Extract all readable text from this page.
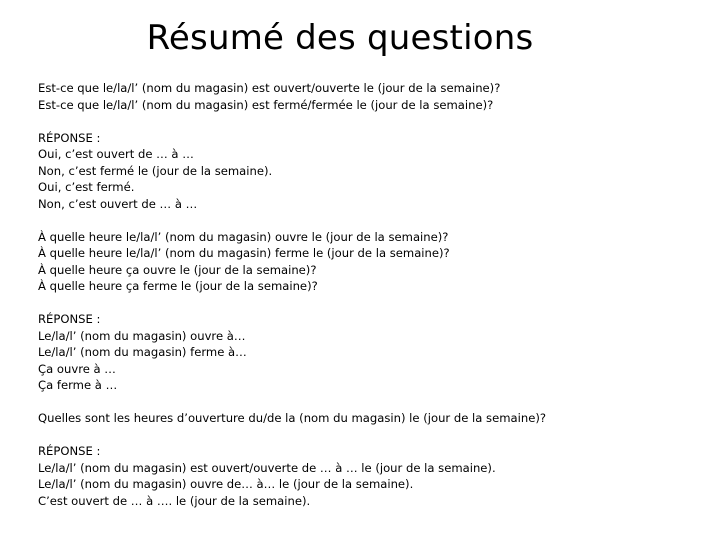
Résumé des questions

Est-ce que le/la/l’ (nom du magasin) est ouvert/ouverte le (jour de la semaine)?
Est-ce que le/la/l’ (nom du magasin) est fermé/fermée le (jour de la semaine)?

RÉPONSE :
Oui, c’est ouvert de … à …
Non, c’est fermé le (jour de la semaine).
Oui, c’est fermé.
Non, c’est ouvert de … à …

À quelle heure le/la/l’ (nom du magasin) ouvre le (jour de la semaine)?
À quelle heure le/la/l’ (nom du magasin) ferme le (jour de la semaine)?
À quelle heure ça ouvre le (jour de la semaine)?
À quelle heure ça ferme le (jour de la semaine)?

RÉPONSE :
Le/la/l’ (nom du magasin) ouvre à…
Le/la/l’ (nom du magasin) ferme à…
Ça ouvre à …
Ça ferme à …

Quelles sont les heures d’ouverture du/de la (nom du magasin) le (jour de la semaine)?

RÉPONSE :
Le/la/l’ (nom du magasin) est ouvert/ouverte de … à … le (jour de la semaine).
Le/la/l’ (nom du magasin) ouvre de… à… le (jour de la semaine).
C’est ouvert de … à …. le (jour de la semaine).
